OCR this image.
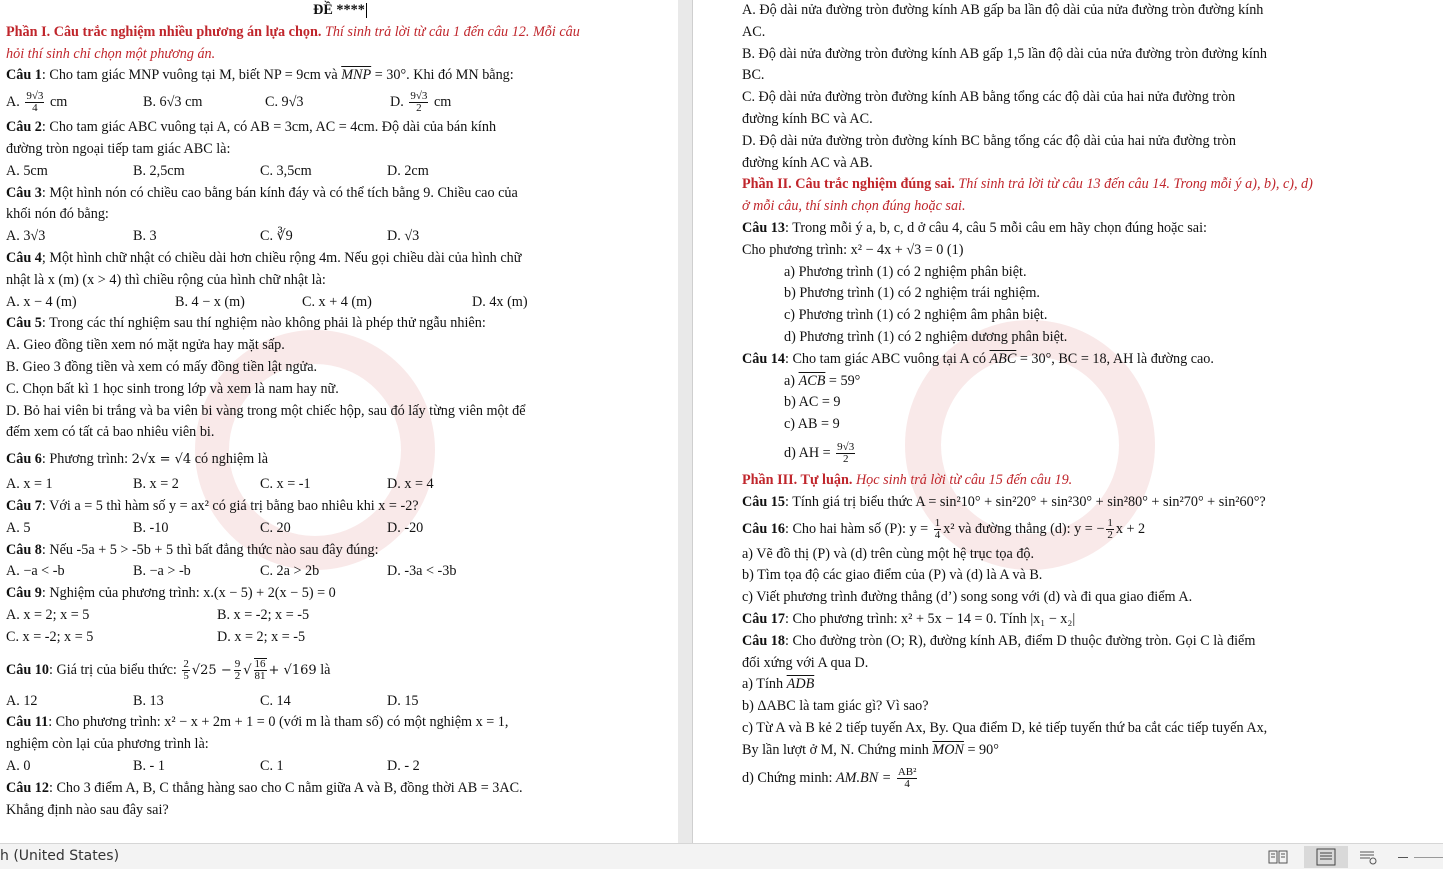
ĐỀ ****
Phần I. Câu trắc nghiệm nhiều phương án lựa chọn. Thí sinh trả lời từ câu 1 đến câu 12. Mỗi câu
hỏi thí sinh chỉ chọn một phương án.
Câu 1: Cho tam giác MNP vuông tại M, biết NP = 9cm và $\overline{MNP} = 30^\circ$. Khi đó MN bằng:
A. $\frac{9√3}{4}$ cm	B. 6√3 cm	C. 9√3	D. $\frac{9√3}{2}$ cm
Câu 2: Cho tam giác ABC vuông tại A, có AB = 3cm, AC = 4cm. Độ dài của bán kính
đường tròn ngoại tiếp tam giác ABC là:
A. 5cm	B. 2,5cm	C. 3,5cm	D. 2cm
Câu 3: Một hình nón có chiều cao bằng bán kính đáy và có thể tích bằng 9. Chiều cao của
khối nón đó bằng:
A. 3√3	B. 3	C. ∛9	D. √3
Câu 4; Một hình chữ nhật có chiều dài hơn chiều rộng 4m. Nếu gọi chiều dài của hình chữ
nhật là x (m) (x > 4) thì chiều rộng của hình chữ nhật là:
A. x − 4 (m)	B. 4 − x (m)	C. x + 4 (m)	D. 4x (m)
Câu 5: Trong các thí nghiệm sau thí nghiệm nào không phải là phép thử ngẫu nhiên:
A. Gieo đồng tiền xem nó mặt ngửa hay mặt sấp.
B. Gieo 3 đồng tiền và xem có mấy đồng tiền lật ngửa.
C. Chọn bất kì 1 học sinh trong lớp và xem là nam hay nữ.
D. Bỏ hai viên bi trắng và ba viên bi vàng trong một chiếc hộp, sau đó lấy từng viên một để
đếm xem có tất cả bao nhiêu viên bi.
Câu 6: Phương trình: 2√x = √4 có nghiệm là
A. x = 1	B. x = 2	C. x = -1	D. x = 4
Câu 7: Với a = 5 thì hàm số y = ax² có giá trị bằng bao nhiêu khi x = -2?
A. 5	B. -10	C. 20	D. -20
Câu 8: Nếu -5a + 5 > -5b + 5 thì bất đẳng thức nào sau đây đúng:
A. −a < -b	B. −a > -b	C. 2a > 2b	D. -3a < -3b
Câu 9: Nghiệm của phương trình: x.(x − 5) + 2(x − 5) = 0
A. x = 2; x = 5	B. x = -2; x = -5
C. x = -2; x = 5	D. x = 2; x = -5
Câu 10: Giá trị của biểu thức: $\frac{2}{5} √25 - \frac{9}{2}$ √ $\frac{16}{81} + √169$ là
A. 12	B. 13	C. 14	D. 15
Câu 11: Cho phương trình: x² − x + 2m + 1 = 0 (với m là tham số) có một nghiệm x = 1,
nghiệm còn lại của phương trình là:
A. 0	B. - 1	C. 1	D. - 2
Câu 12: Cho 3 điểm A, B, C thẳng hàng sao cho C nằm giữa A và B, đồng thời AB = 3AC.
Khẳng định nào sau đây sai?
A. Độ dài nửa đường tròn đường kính AB gấp ba lần độ dài của nửa đường tròn đường kính
AC.
B. Độ dài nửa đường tròn đường kính AB gấp 1,5 lần độ dài của nửa đường tròn đường kính
BC.
C. Độ dài nửa đường tròn đường kính AB bằng tổng các độ dài của hai nửa đường tròn
đường kính BC và AC.
D. Độ dài nửa đường tròn đường kính BC bằng tổng các độ dài của hai nửa đường tròn
đường kính AC và AB.
Phần II. Câu trắc nghiệm đúng sai. Thí sinh trả lời từ câu 13 đến câu 14. Trong mỗi ý a), b), c), d)
ở mỗi câu, thí sinh chọn đúng hoặc sai.
Câu 13: Trong mỗi ý a, b, c, d ở câu 4, câu 5 mỗi câu em hãy chọn đúng hoặc sai:
Cho phương trình: x² − 4x + √3 = 0 (1)
a) Phương trình (1) có 2 nghiệm phân biệt.
b) Phương trình (1) có 2 nghiệm trái nghiệm.
c) Phương trình (1) có 2 nghiệm âm phân biệt.
d) Phương trình (1) có 2 nghiệm dương phân biệt.
Câu 14: Cho tam giác ABC vuông tại A có $\overline{ABC} = 30^\circ$, BC = 18, AH là đường cao.
a) $\overline{ACB} = 59^\circ$
b) AC = 9
c) AB = 9
d) AH = $\frac{9√3}{2}$
Phần III. Tự luận. Học sinh trả lời từ câu 15 đến câu 19.
Câu 15: Tính giá trị biểu thức A = sin²10° + sin²20° + sin²30° + sin²80° + sin²70° + sin²60°?
Câu 16: Cho hai hàm số (P): $y = \frac{1}{4} x^2$ và đường thẳng (d): y = − $\frac{1}{2}$ x + 2
a) Vẽ đồ thị (P) và (d) trên cùng một hệ trục tọa độ.
b) Tìm tọa độ các giao điểm của (P) và (d) là A và B.
c) Viết phương trình đường thẳng (d’) song song với (d) và đi qua giao điểm A.
Câu 17: Cho phương trình: x² + 5x − 14 = 0. Tính |x₁ − x₂|
Câu 18: Cho đường tròn (O; R), đường kính AB, điểm D thuộc đường tròn. Gọi C là điểm
đối xứng với A qua D.
a) Tính $\overline{ADB}$
b) ΔABC là tam giác gì? Vì sao?
c) Từ A và B kẻ 2 tiếp tuyến Ax, By. Qua điểm D, kẻ tiếp tuyến thứ ba cắt các tiếp tuyến Ax,
By lần lượt ở M, N. Chứng minh $\overline{MON} = 90^\circ$
d) Chứng minh: $AM.BN = \frac{\text{AB²}}{4}$
h (United States)
